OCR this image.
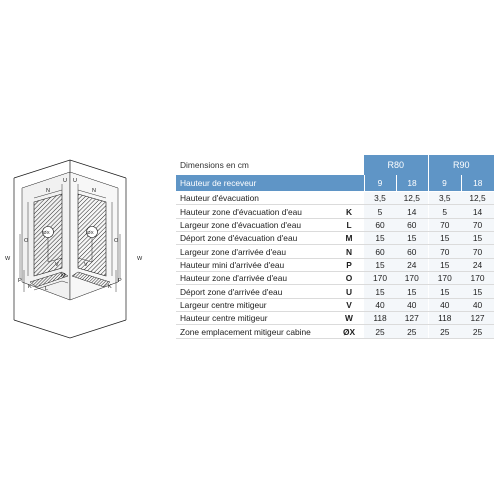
N	N
U U
ØX	ØX
V	V
O	O
W	W
P	P
L
M
K	K
Dimensions en cm		R80		R90	
Hauteur de receveur		9	18	9	18
Hauteur d'évacuation		3,5	12,5	3,5	12,5
Hauteur zone d'évacuation d'eau	K	5	14	5	14
Largeur zone d'évacuation d'eau	L	60	60	70	70
Déport zone d'évacuation d'eau	M	15	15	15	15
Largeur zone d'arrivée d'eau	N	60	60	70	70
Hauteur mini d'arrivée d'eau	P	15	24	15	24
Hauteur zone d'arrivée d'eau	O	170	170	170	170
Déport zone d'arrivée d'eau	U	15	15	15	15
Largeur centre mitigeur	V	40	40	40	40
Hauteur centre mitigeur	W	118	127	118	127
Zone emplacement mitigeur cabine	ØX	25	25	25	25
